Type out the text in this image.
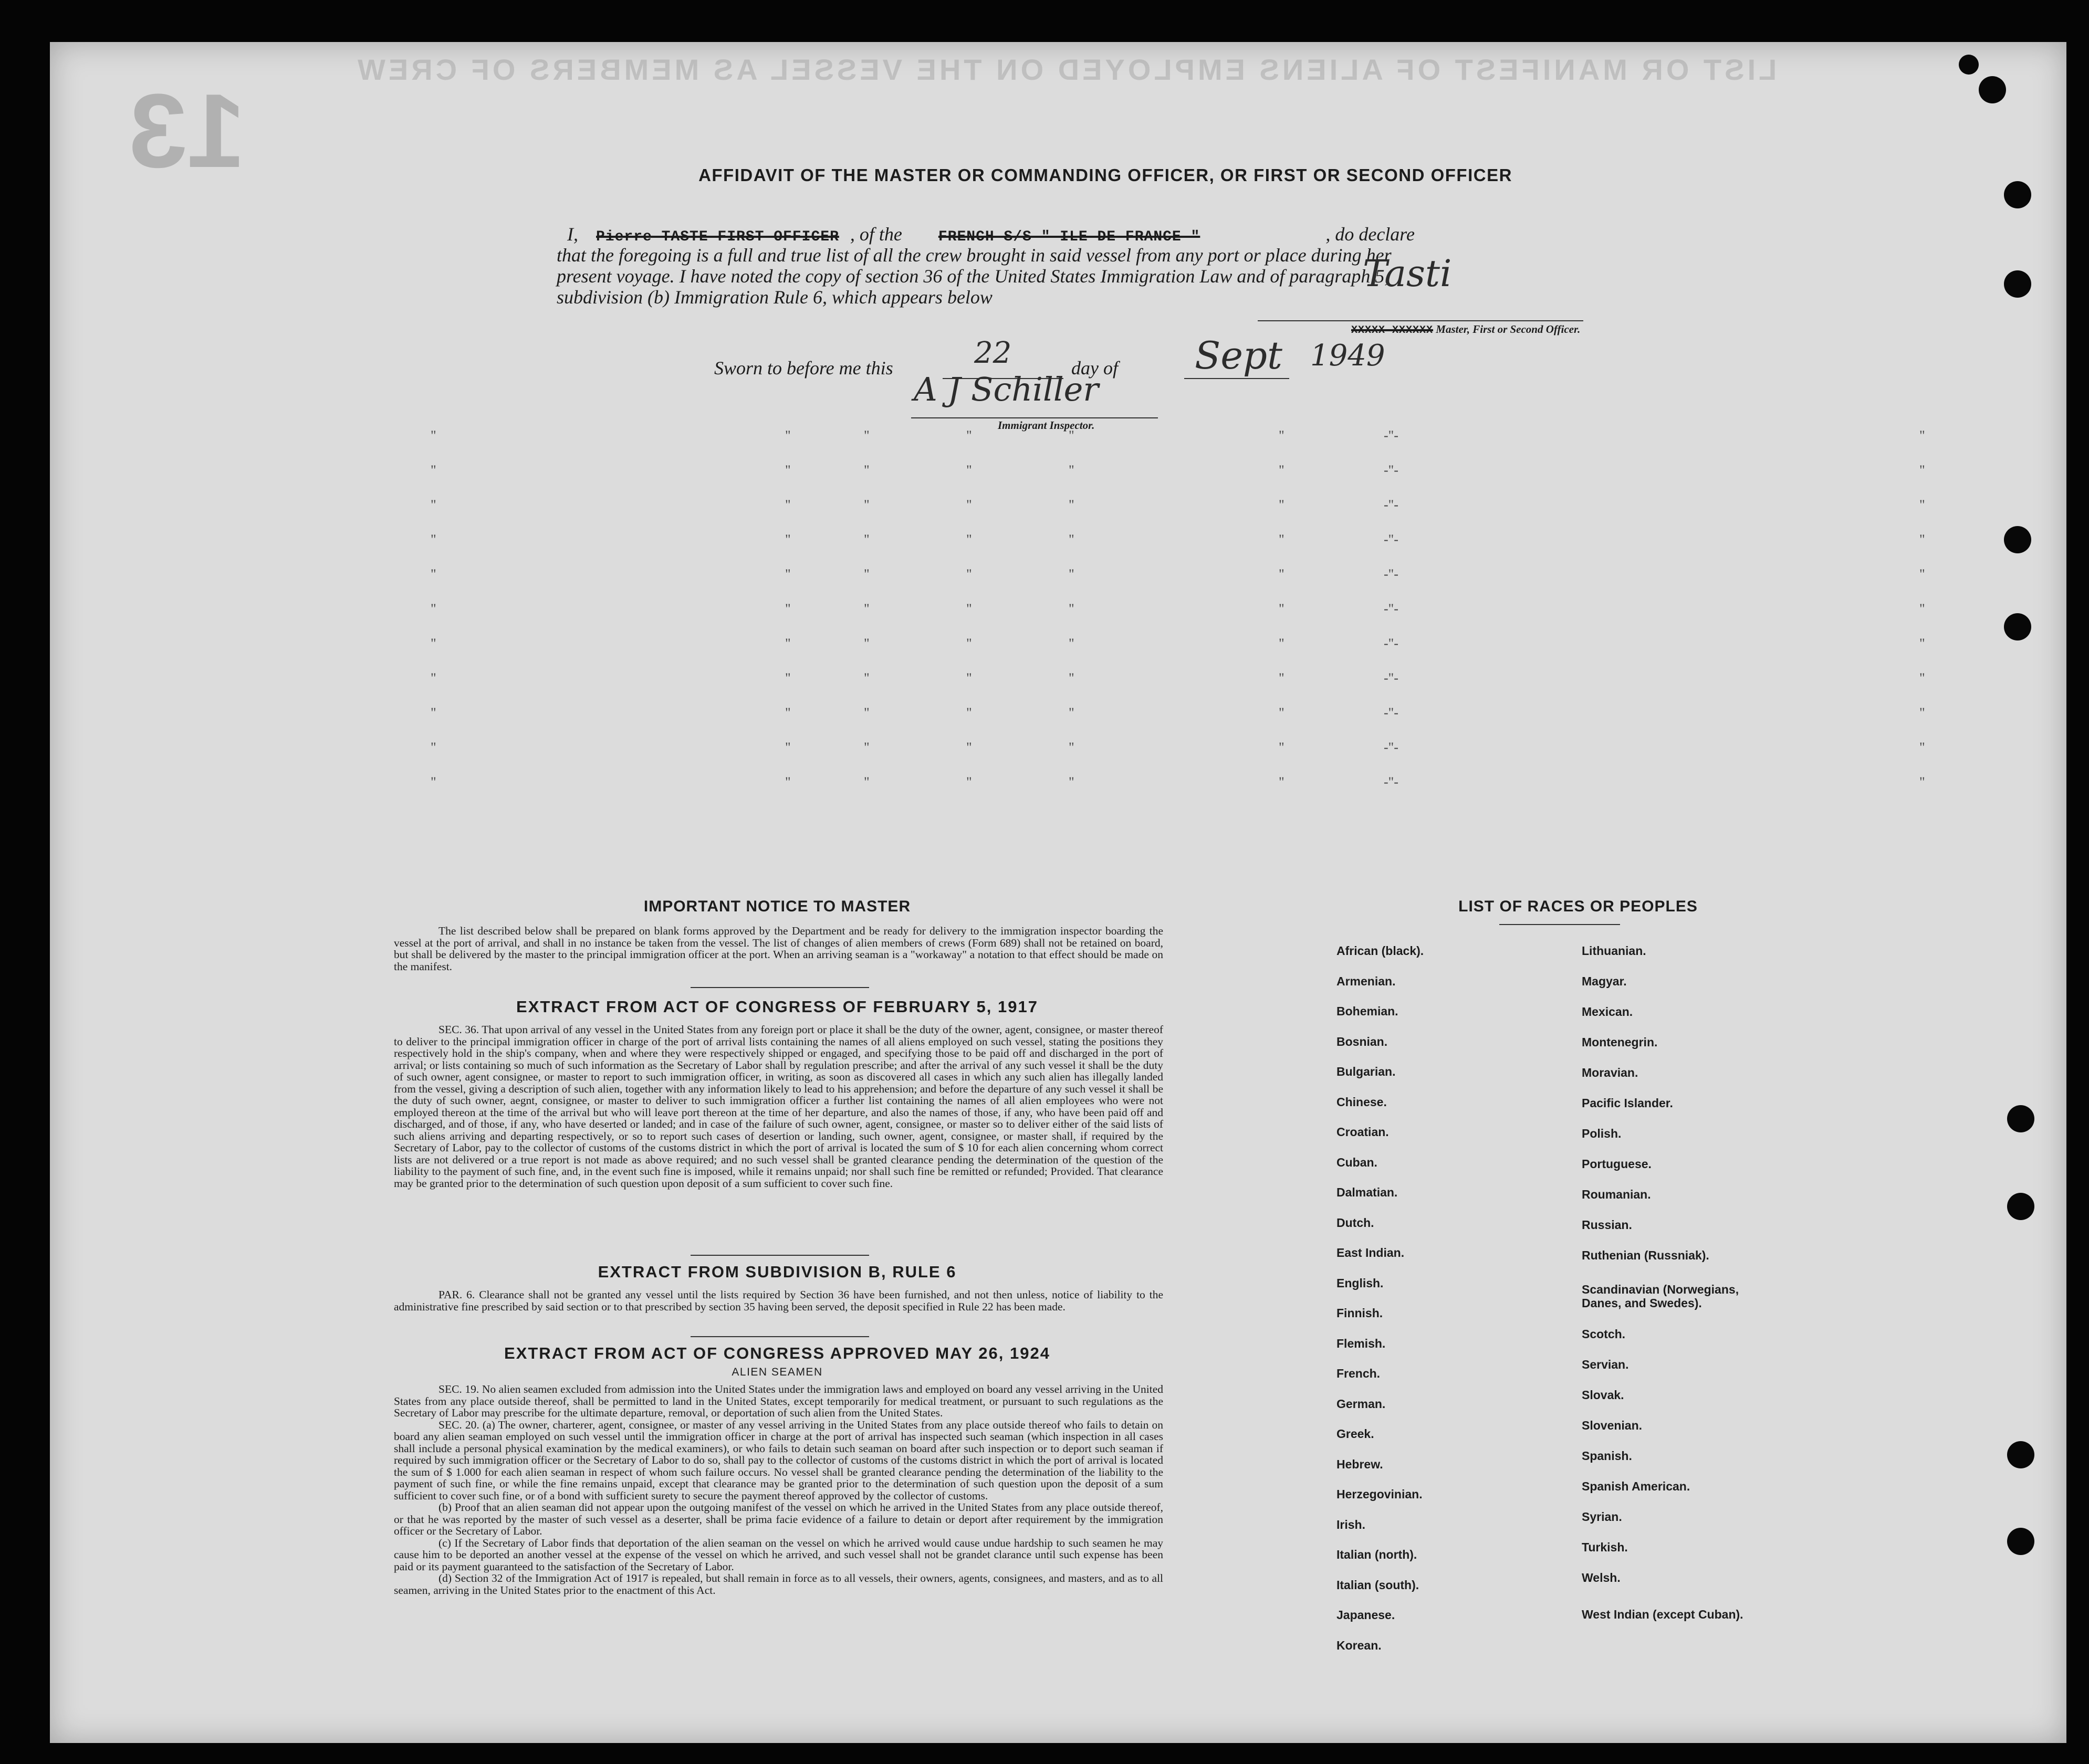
13
LIST OR MANIFEST OF ALIENS EMPLOYED ON THE VESSEL AS MEMBERS OF CREW
AFFIDAVIT OF THE MASTER OR COMMANDING OFFICER, OR FIRST OR SECOND OFFICER
I, Pierre TASTE FIRST OFFICER , of the FRENCH S/S " ILE DE FRANCE "	, do declare
that the foregoing is a full and true list of all the crew brought in said vessel from any port or place during her
present voyage. I have noted the copy of section 36 of the United States Immigration Law and of paragraph 5,
subdivision (b) Immigration Rule 6, which appears below
Tasti
XXXXX XXXXXX Master, First or Second Officer.
Sworn to before me this	22	day of Sept 1949
A J Schiller
Immigrant Inspector.
"	"	"	"	"	"	-"-	"
"	"	"	"	"	"	-"-	"
"	"	"	"	"	"	-"-	"
"	"	"	"	"	"	-"-	"
"	"	"	"	"	"	-"-	"
"	"	"	"	"	"	-"-	"
"	"	"	"	"	"	-"-	"
"	"	"	"	"	"	-"-	"
"	"	"	"	"	"	-"-	"
"	"	"	"	"	"	-"-	"
"	"	"	"	"	"	-"-	"
IMPORTANT NOTICE TO MASTER

The list described below shall be prepared on blank forms approved by the Department and be ready for delivery to the immigration inspector boarding the vessel at the port of arrival, and shall in no instance be taken from the vessel. The list of changes of alien members of crews (Form 689) shall not be retained on board, but shall be delivered by the master to the principal immigration officer at the port. When an arriving seaman is a "workaway" a notation to that effect should be made on the manifest.

EXTRACT FROM ACT OF CONGRESS OF FEBRUARY 5, 1917

SEC. 36. That upon arrival of any vessel in the United States from any foreign port or place it shall be the duty of the owner, agent, consignee, or master thereof to deliver to the principal immigration officer in charge of the port of arrival lists containing the names of all aliens employed on such vessel, stating the positions they respectively hold in the ship's company, when and where they were respectively shipped or engaged, and specifying those to be paid off and discharged in the port of arrival; or lists containing so much of such information as the Secretary of Labor shall by regulation prescribe; and after the arrival of any such vessel it shall be the duty of such owner, agent consignee, or master to report to such immigration officer, in writing, as soon as discovered all cases in which any such alien has illegally landed from the vessel, giving a description of such alien, together with any information likely to lead to his apprehension; and before the departure of any such vessel it shall be the duty of such owner, aegnt, consignee, or master to deliver to such immigration officer a further list containing the names of all alien employees who were not employed thereon at the time of the arrival but who will leave port thereon at the time of her departure, and also the names of those, if any, who have been paid off and discharged, and of those, if any, who have deserted or landed; and in case of the failure of such owner, agent, consignee, or master so to deliver either of the said lists of such aliens arriving and departing respectively, or so to report such cases of desertion or landing, such owner, agent, consignee, or master shall, if required by the Secretary of Labor, pay to the collector of customs of the customs district in which the port of arrival is located the sum of $ 10 for each alien concerning whom correct lists are not delivered or a true report is not made as above required; and no such vessel shall be granted clearance pending the determination of the question of the liability to the payment of such fine, and, in the event such fine is imposed, while it remains unpaid; nor shall such fine be remitted or refunded; Provided. That clearance may be granted prior to the determination of such question upon deposit of a sum sufficient to cover such fine.

EXTRACT FROM SUBDIVISION B, RULE 6

PAR. 6. Clearance shall not be granted any vessel until the lists required by Section 36 have been furnished, and not then unless, notice of liability to the administrative fine prescribed by said section or to that prescribed by section 35 having been served, the deposit specified in Rule 22 has been made.

EXTRACT FROM ACT OF CONGRESS APPROVED MAY 26, 1924
ALIEN SEAMEN

SEC. 19. No alien seamen excluded from admission into the United States under the immigration laws and employed on board any vessel arriving in the United States from any place outside thereof, shall be permitted to land in the United States, except temporarily for medical treatment, or pursuant to such regulations as the Secretary of Labor may prescribe for the ultimate departure, removal, or deportation of such alien from the United States.

SEC. 20. (a) The owner, charterer, agent, consignee, or master of any vessel arriving in the United States from any place outside thereof who fails to detain on board any alien seaman employed on such vessel until the immigration officer in charge at the port of arrival has inspected such seaman (which inspection in all cases shall include a personal physical examination by the medical examiners), or who fails to detain such seaman on board after such inspection or to deport such seaman if required by such immigration officer or the Secretary of Labor to do so, shall pay to the collector of customs of the customs district in which the port of arrival is located the sum of $ 1.000 for each alien seaman in respect of whom such failure occurs. No vessel shall be granted clearance pending the determination of the liability to the payment of such fine, or while the fine remains unpaid, except that clearance may be granted prior to the determination of such question upon the deposit of a sum sufficient to cover such fine, or of a bond with sufficient surety to secure the payment thereof approved by the collector of customs.

(b) Proof that an alien seaman did not appear upon the outgoing manifest of the vessel on which he arrived in the United States from any place outside thereof, or that he was reported by the master of such vessel as a deserter, shall be prima facie evidence of a failure to detain or deport after requirement by the immigration officer or the Secretary of Labor.

(c) If the Secretary of Labor finds that deportation of the alien seaman on the vessel on which he arrived would cause undue hardship to such seamen he may cause him to be deported an another vessel at the expense of the vessel on which he arrived, and such vessel shall not be grandet clarance until such expense has been paid or its payment guaranteed to the satisfaction of the Secretary of Labor.

(d) Section 32 of the Immigration Act of 1917 is repealed, but shall remain in force as to all vessels, their owners, agents, consignees, and masters, and as to all seamen, arriving in the United States prior to the enactment of this Act.

LIST OF RACES OR PEOPLES
African (black).
Armenian.
Bohemian.
Bosnian.
Bulgarian.
Chinese.
Croatian.
Cuban.
Dalmatian.
Dutch.
East Indian.
English.
Finnish.
Flemish.
French.
German.
Greek.
Hebrew.
Herzegovinian.
Irish.
Italian (north).
Italian (south).
Japanese.
Korean.
Lithuanian.
Magyar.
Mexican.
Montenegrin.
Moravian.
Pacific Islander.
Polish.
Portuguese.
Roumanian.
Russian.
Ruthenian (Russniak).
Scandinavian (Norwegians, Danes, and Swedes).
Scotch.
Servian.
Slovak.
Slovenian.
Spanish.
Spanish American.
Syrian.
Turkish.
Welsh.
West Indian (except Cuban).
